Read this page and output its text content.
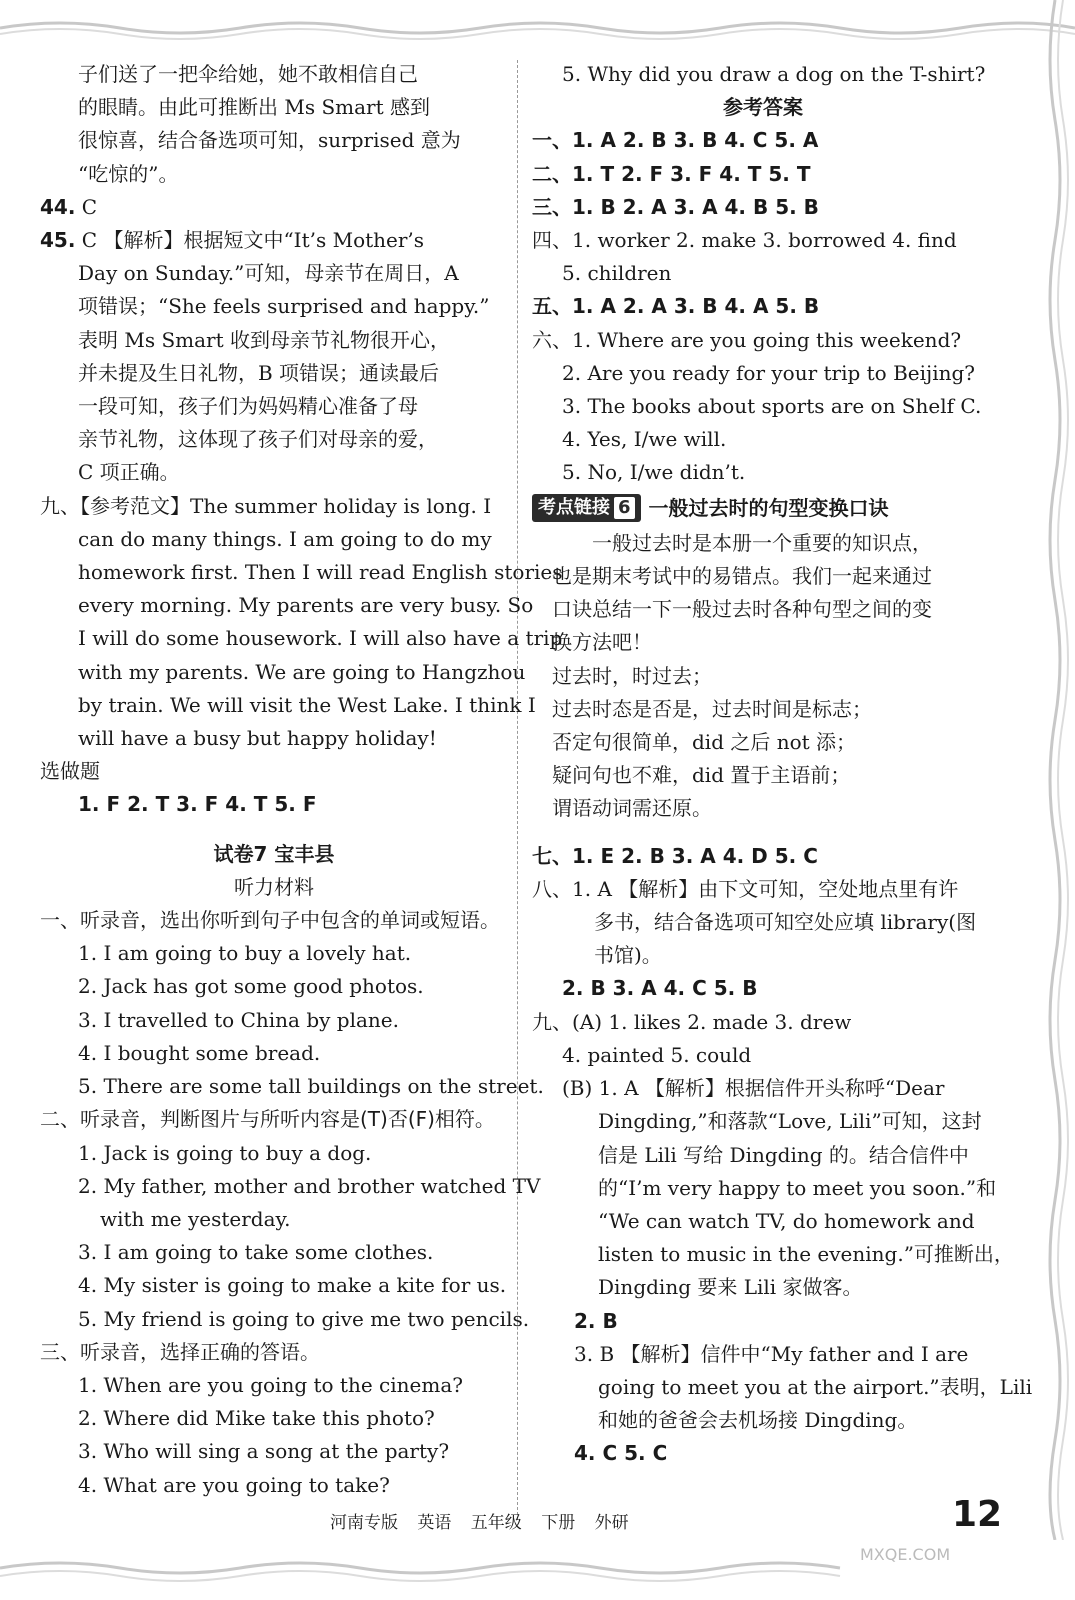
子们送了一把伞给她，她不敢相信自己
的眼睛。由此可推断出 Ms Smart 感到
很惊喜，结合备选项可知，surprised 意为
“吃惊的”。
44. C
45. C 【解析】根据短文中“It’s Mother’s
Day on Sunday.”可知，母亲节在周日，A
项错误；“She feels surprised and happy.”
表明 Ms Smart 收到母亲节礼物很开心，
并未提及生日礼物，B 项错误；通读最后
一段可知，孩子们为妈妈精心准备了母
亲节礼物，这体现了孩子们对母亲的爱，
C 项正确。
九、【参考范文】The summer holiday is long. I
can do many things. I am going to do my
homework first. Then I will read English stories
every morning. My parents are very busy. So
I will do some housework. I will also have a trip
with my parents. We are going to Hangzhou
by train. We will visit the West Lake. I think I
will have a busy but happy holiday!
选做题
1. F 2. T 3. F 4. T 5. F
试卷7 宝丰县
听力材料
一、听录音，选出你听到句子中包含的单词或短语。
1. I am going to buy a lovely hat.
2. Jack has got some good photos.
3. I travelled to China by plane.
4. I bought some bread.
5. There are some tall buildings on the street.
二、听录音，判断图片与所听内容是(T)否(F)相符。
1. Jack is going to buy a dog.
2. My father, mother and brother watched TV
with me yesterday.
3. I am going to take some clothes.
4. My sister is going to make a kite for us.
5. My friend is going to give me two pencils.
三、听录音，选择正确的答语。
1. When are you going to the cinema?
2. Where did Mike take this photo?
3. Who will sing a song at the party?
4. What are you going to take?
5. Why did you draw a dog on the T-shirt?
参考答案
一、1. A 2. B 3. B 4. C 5. A
二、1. T 2. F 3. F 4. T 5. T
三、1. B 2. A 3. A 4. B 5. B
四、1. worker 2. make 3. borrowed 4. find
5. children
五、1. A 2. A 3. B 4. A 5. B
六、1. Where are you going this weekend?
2. Are you ready for your trip to Beijing?
3. The books about sports are on Shelf C.
4. Yes, I/we will.
5. No, I/we didn’t.
考点链接 6 一般过去时的句型变换口诀
一般过去时是本册一个重要的知识点，
也是期末考试中的易错点。我们一起来通过
口诀总结一下一般过去时各种句型之间的变
换方法吧！
过去时，时过去；
过去时态是否是，过去时间是标志；
否定句很简单，did 之后 not 添；
疑问句也不难，did 置于主语前；
谓语动词需还原。
七、1. E 2. B 3. A 4. D 5. C
八、1. A 【解析】由下文可知，空处地点里有许
多书，结合备选项可知空处应填 library(图
书馆)。
2. B 3. A 4. C 5. B
九、(A) 1. likes 2. made 3. drew
4. painted 5. could
(B) 1. A 【解析】根据信件开头称呼“Dear
Dingding,”和落款“Love, Lili”可知，这封
信是 Lili 写给 Dingding 的。结合信件中
的“I’m very happy to meet you soon.”和
“We can watch TV, do homework and
listen to music in the evening.”可推断出，
Dingding 要来 Lili 家做客。
2. B
3. B 【解析】信件中“My father and I are
going to meet you at the airport.”表明，Lili
和她的爸爸会去机场接 Dingding。
4. C 5. C
河南专版 英语 五年级 下册 外研	12
MXQE.COM
